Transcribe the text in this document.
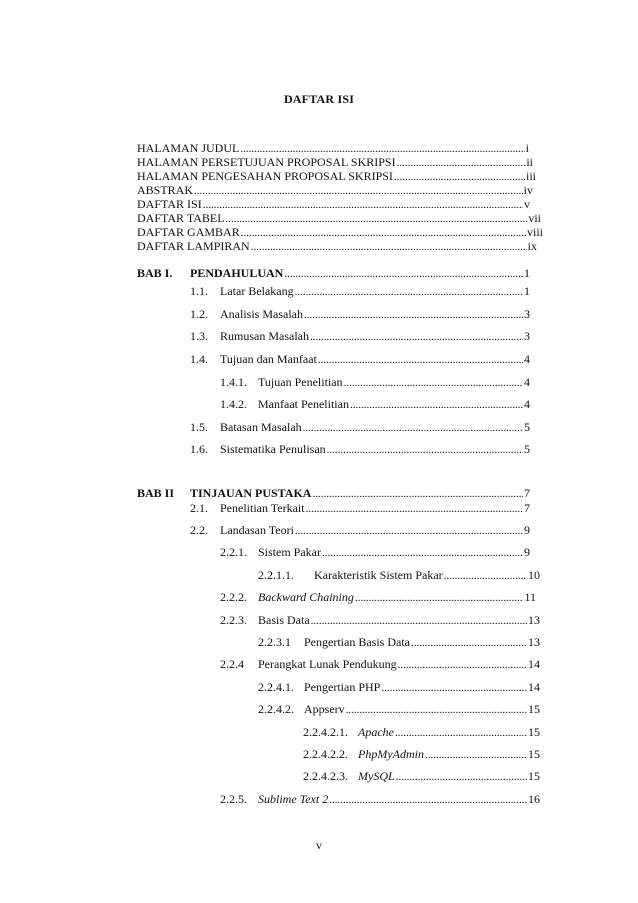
DAFTAR ISI
HALAMAN JUDUL .....	i
HALAMAN PERSETUJUAN PROPOSAL SKRIPSI .....	ii
HALAMAN PENGESAHAN PROPOSAL SKRIPSI .....	iii
ABSTRAK .....	iv
DAFTAR ISI .....	v
DAFTAR TABEL .....	vii
DAFTAR GAMBAR .....	viii
DAFTAR LAMPIRAN .....	ix
BAB I.	PENDAHULUAN .....	1
1.1.	Latar Belakang .....	1
1.2.	Analisis Masalah .....	3
1.3.	Rumusan Masalah .....	3
1.4.	Tujuan dan Manfaat .....	4
1.4.1. Tujuan Penelitian .....	4
1.4.2. Manfaat Penelitian .....	4
1.5.	Batasan Masalah .....	5
1.6.	Sistematika Penulisan .....	5
BAB II	TINJAUAN PUSTAKA .....	7
2.1.	Penelitian Terkait .....	7
2.2.	Landasan Teori .....	9
2.2.1. Sistem Pakar .....	9
2.2.1.1.	Karakteristik Sistem Pakar .....	10
2.2.2. Backward Chaining .....	11
2.2.3. Basis Data .....	13
2.2.3.1	Pengertian Basis Data .....	13
2.2.4	Perangkat Lunak Pendukung .....	14
2.2.4.1. Pengertian PHP .....	14
2.2.4.2. Appserv .....	15
2.2.4.2.1. Apache .....	15
2.2.4.2.2. PhpMyAdmin .....	15
2.2.4.2.3. MySQL .....	15
2.2.5. Sublime Text 2 .....	16
v
